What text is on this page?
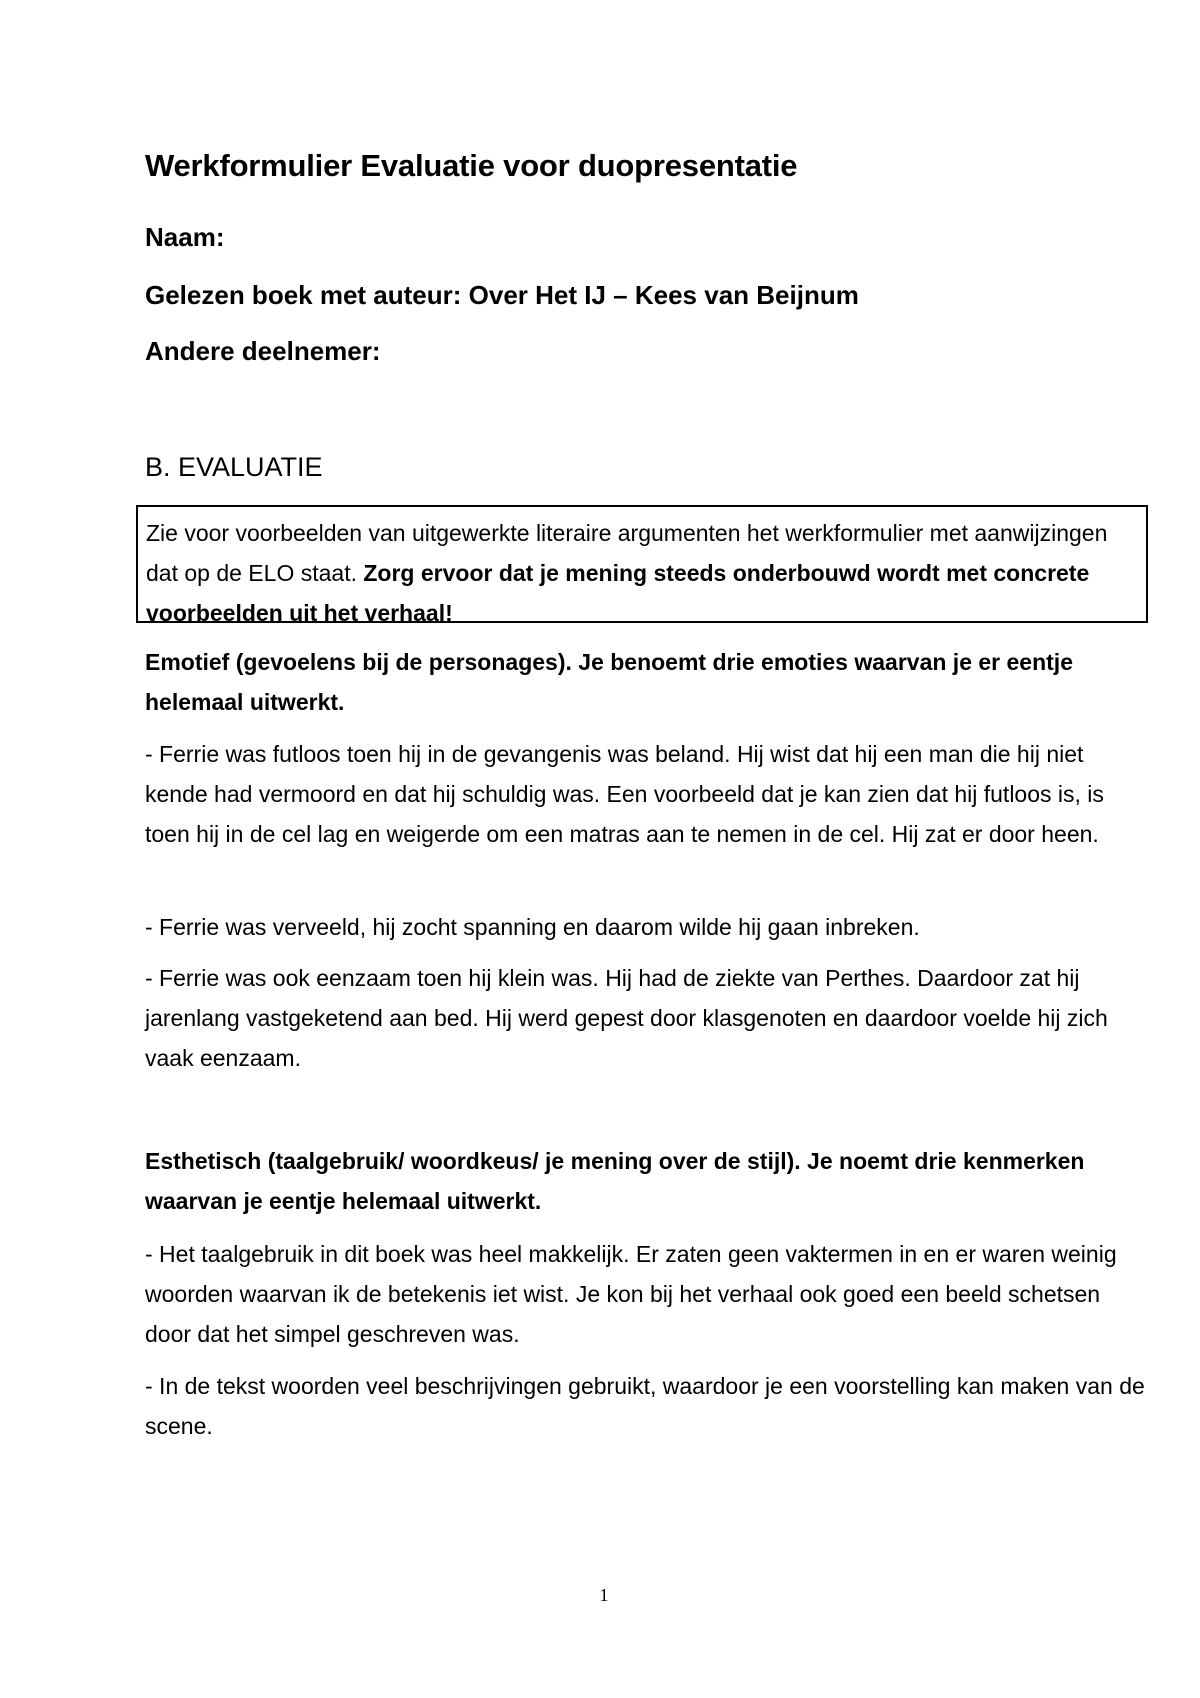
Werkformulier Evaluatie voor duopresentatie
Naam:
Gelezen boek met auteur: Over Het IJ – Kees van Beijnum
Andere deelnemer:
B. EVALUATIE
Zie voor voorbeelden van uitgewerkte literaire argumenten het werkformulier met aanwijzingen dat op de ELO staat. Zorg ervoor dat je mening steeds onderbouwd wordt met concrete voorbeelden uit het verhaal!

Emotief (gevoelens bij de personages). Je benoemt drie emoties waarvan je er eentje helemaal uitwerkt.

- Ferrie was futloos toen hij in de gevangenis was beland. Hij wist dat hij een man die hij niet kende had vermoord en dat hij schuldig was. Een voorbeeld dat je kan zien dat hij futloos is, is toen hij in de cel lag en weigerde om een matras aan te nemen in de cel. Hij zat er door heen.

- Ferrie was verveeld, hij zocht spanning en daarom wilde hij gaan inbreken.

- Ferrie was ook eenzaam toen hij klein was. Hij had de ziekte van Perthes. Daardoor zat hij jarenlang vastgeketend aan bed. Hij werd gepest door klasgenoten en daardoor voelde hij zich vaak eenzaam.

Esthetisch (taalgebruik/ woordkeus/ je mening over de stijl). Je noemt drie kenmerken waarvan je eentje helemaal uitwerkt.

- Het taalgebruik in dit boek was heel makkelijk. Er zaten geen vaktermen in en er waren weinig woorden waarvan ik de betekenis iet wist. Je kon bij het verhaal ook goed een beeld schetsen door dat het simpel geschreven was.

- In de tekst woorden veel beschrijvingen gebruikt, waardoor je een voorstelling kan maken van de scene.

1
